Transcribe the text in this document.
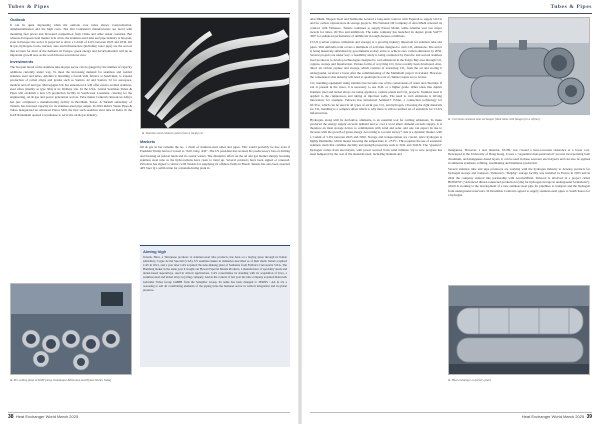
Tubes & Pipes
Outlook

It can be quite depressing when the outlook over tubes shows overproduction, deindustrialisation and the high costs. The Old Continent's manufacturers are faced with mounting fuel prices and increased competition from China and other Asian countries. But whereas European steel market is in crisis, the stainless-steel tube and pipe industry is buoyant, even in Europe: the sector is projected to show a CAGR of 4.6% between 2023 and 2030. Oil & gas, hydrogen, foods, nuclear, auto and infrastructure (including water pipe) are the sectors that account for most of the demand. In Europe, green energy and decarbonisation will be an important growth area as the world moves towards net zero.

Investments

The buoyant mood of the stainless tube & pipe sector can be gauged by the number of capacity additions currently under way. To meet the increasing demand for seamless and welded stainless steel and tubes, Alleima is installing a fourth Velit furnace at Sandviken, to expand production of rolled alloys and grades such as Sanicro 42 and Sanicro 52 for aerospace, medical and oil and gas. Mercegaglia UK has announced it will offer electro-welded stainless-steel tubes (mainly as type 304) at its Oldbury site. In the USA, Global Seamless Tubes & Pipes will establish a new US production facility in South-west Louisiana, catering for the engineering, oil & gas and power generation sectors. Tube maker Centravis Resources Alloys has just completed a manufacturing facility in Brodham, Texas. A Turkish subsidiary of Tenaris, has invested capacity for its stainless-steel pipe output. In 2024 India's Venus Pipes & Tubes inaugurated an advanced Pierce Mill, the first such seamless steel tube in India. In the UAE Ratnamani opened a warehouse to serve the oil & gas industry.

► Stainless-steel exhaust system from a racing car
Markets

Oil & gas in her remains the no. 1 client of stainless-steel tubes and pipes. This would probably be true even if President Trump had not vowed to "drill, baby, drill". The US president has revoked his predecessor's ban on drilling and fracking on federal lands and in coastal waters. The disruptive effect on the oil and gas market sharply boosting stainless steel tube as the hydrocarbons have risen to trend up. Several contracts have been signed or renewed. Petrobras has signed a contract with Tenaris for supplying its offshore fields in Brazil. Tenaris has also been awarded API Spec Q1 certification for a manufacturing plant in

Aiming high

Tenaris, Hava, a Taiwanese producer of stainless-steel tube products, has been on a buying spree through its Italian subsidiary, Cogne Acciai Speciali (CAS). US seamless maker in industries described as of their multi. Italian acquired CAS in 2021, and a year later CAS acquired the tube-making plant of Saldatura from Fabbrica Carrozzeria S.P.A. The Hamburg maker in the same year it bought out Howard Special Metals Products, a manufacturer of speciality steels and nickel-based superalloys, used in critical applications. CAS consolidates its standing with its acquisition of Inox, a seamless steel and nickel alloy recycling company. And in the context of last year the tube company acquired Rohrwerk Gebruder Tubes Group GMBH from the Salzgitter Group. Its name has been changed to TERNS / AA in all, a reasoning to sell all contributing elements of the piping rules the business sector in vertical integration and in global presence.

► Pre-cutting plant at DMV (Arup Giantanpur-Millenium and Hylam Works, India)
38 Heat Exchanger World March 2025
Tubes & Pipes

Abu Dhabi. Nippon Steel and Sumitomo secured a long-term contract with Fujairah to supply OCTG and for carbon capture/store & storage projects. The National Oil Company of Abu Dhabi renewed its contract with Vallourec. Tenaris continues to supply Exxon Mobil, while Alleima won two major awards for tubes, OCTGs and umbilicals. The same company has launched its duplex grade SAF™ 3007 for enhanced performance of umbilicals in tough deepsea conditions.

CCUS (carbon capture, utilisation and storage) is a growing industry important for stainless tube and pipes. This umbrella term covers a multitude of activities designed to curb CO₂ emissions. The sector is being massively subsidised by governments as they strive to achieve zero carbon emissions by 2050. Several projects are under way: a feasibility study is being conducted by Petrofac and several stainless steel producers to develop technologies designed to curb emissions in the Tokyo Bay area through CO₂ capture, storage and liquefaction. Various forms of recycling CO₂ have recently been developed. Also, direct air carbon capture and storage, which consists of extracting CO₂ from the air and storing it underground, received a boost after the commissioning of the Mammoth project in Iceland. However, the consensus is that industry will need to quadruple its rate of climate targets are to be met.

CO₂ handling equipment using stainless has become one of the cornerstones of water and chlorides. If salt is present in the water, it is necessary to use 316L or a higher grade. Other ideas like duplex stainless steel and nickel alloys are being applied to capture plants and CO₂ projects. Stainless steel is applied to the compressors and tubing of injection wells. The need to curb emissions is driving innovation: for example, Tubacex has introduced Sentinel® Prime, a connection technology for OCTGs, which can be used in all types of oil & gas, CO₂ and hydrogen. Choosing the right materials for CO₂ handling is a complex affair which is why there is still no unified set of standards for CCUS infrastructure.

Hydrogen, along with its derivative, ammonia, is an essential tool for curbing emissions. To make produced the energy supply exceeds demand and to cool a local smart demand exceeds supply. It is therefore an ideal storage device to combination with wind and solar, and one can expect its use to increase with the growth of green energy. According to a recent survey*, this is a dynamic market, with a CAGR of 5.9% between 2025 and 2050. Storage and transportation are crucial, since hydrogen is highly flammable, which means lowering the temperature to -253°C. This requires the use of austenitic stainless steels that combine ductility and strength properties such as 316L and 316LN. The "greenest" hydrogen comes from electrolysis, with power sourced from wind turbines. Up to now progress has been hampered by the cost of the materials used, including titanium and

► Corrosion-resistant heat exchanger fitted tubes with flanges for a refinery

manganese. However, a new material, SS-H2, was created a heat-corrosion resistance at a lower cost. Developed at the University of Hong Kong, it uses a "sequential dual-passivation" process incorporating both chromium- and manganese-based layers. It can be used in these seawater electrolysers and can also be applied in ammonia synthesis, refining, steelmaking and methanol production.

Several stainless tube and pipe producers are working with the hydrogen industry to develop products for hydrogen storage and transport. Vallourec's "Delphy" storage facility was installed in France in 2023 and in 2024 the company entered into partnership with ArcelorMittal. Tubacex is involved in a project called HOSSEST ("Advanced thread-connected production trying for hydrogen storage in underground formations"), which is working to the development of a new stainless steel pipe for pipelines to transport and the hydrogen from underground reservoirs. In December Centravis agreed to supply stainless-steel pipes to South Korea for a hydrogen

► Heat exchanger on factory plant
Heat Exchanger World March 2025 39
